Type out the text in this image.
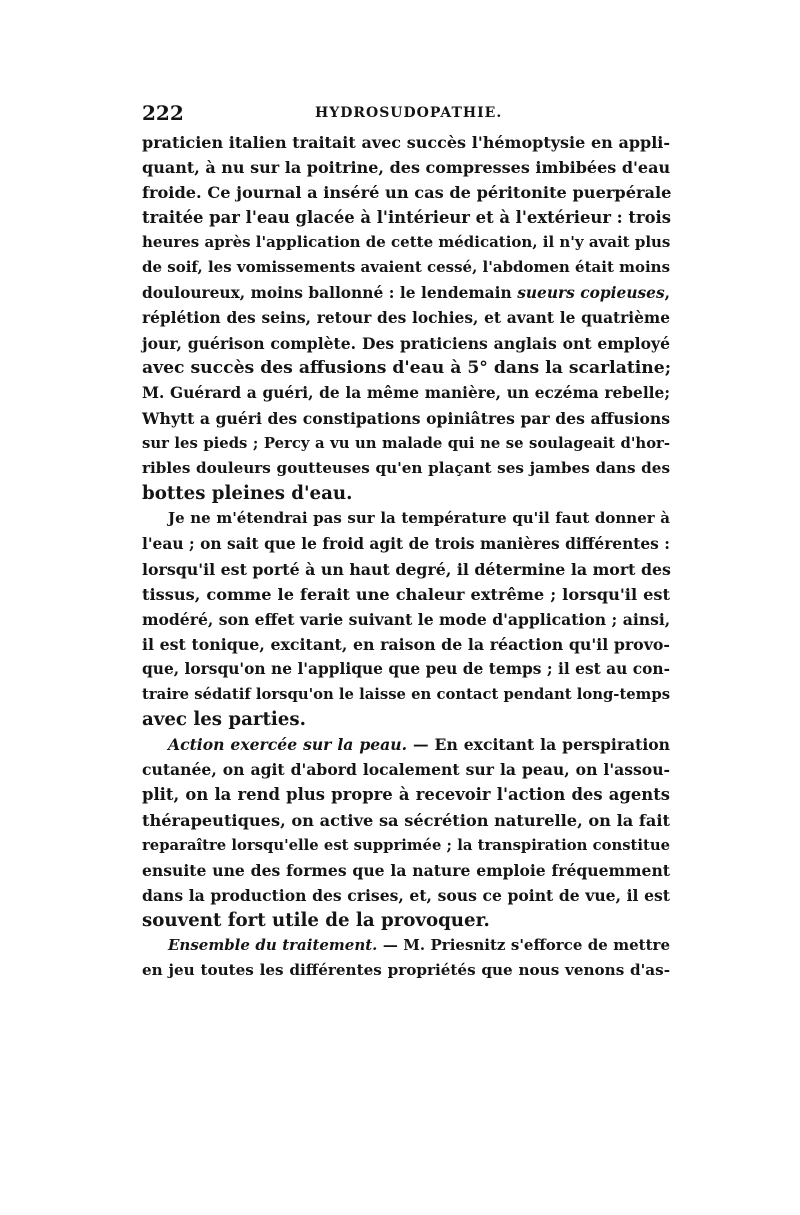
222	HYDROSUDOPATHIE.
praticien italien traitait avec succès l'hémoptysie en appli-
quant, à nu sur la poitrine, des compresses imbibées d'eau
froide. Ce journal a inséré un cas de péritonite puerpérale
traitée par l'eau glacée à l'intérieur et à l'extérieur : trois
heures après l'application de cette médication, il n'y avait plus
de soif, les vomissements avaient cessé, l'abdomen était moins
douloureux, moins ballonné : le lendemain sueurs copieuses,
réplétion des seins, retour des lochies, et avant le quatrième
jour, guérison complète. Des praticiens anglais ont employé
avec succès des affusions d'eau à 5° dans la scarlatine;
M. Guérard a guéri, de la même manière, un eczéma rebelle;
Whytt a guéri des constipations opiniâtres par des affusions
sur les pieds ; Percy a vu un malade qui ne se soulageait d'hor-
ribles douleurs goutteuses qu'en plaçant ses jambes dans des
bottes pleines d'eau.
Je ne m'étendrai pas sur la température qu'il faut donner à
l'eau ; on sait que le froid agit de trois manières différentes :
lorsqu'il est porté à un haut degré, il détermine la mort des
tissus, comme le ferait une chaleur extrême ; lorsqu'il est
modéré, son effet varie suivant le mode d'application ; ainsi,
il est tonique, excitant, en raison de la réaction qu'il provo-
que, lorsqu'on ne l'applique que peu de temps ; il est au con-
traire sédatif lorsqu'on le laisse en contact pendant long-temps
avec les parties.
Action exercée sur la peau. — En excitant la perspiration
cutanée, on agit d'abord localement sur la peau, on l'assou-
plit, on la rend plus propre à recevoir l'action des agents
thérapeutiques, on active sa sécrétion naturelle, on la fait
reparaître lorsqu'elle est supprimée ; la transpiration constitue
ensuite une des formes que la nature emploie fréquemment
dans la production des crises, et, sous ce point de vue, il est
souvent fort utile de la provoquer.
Ensemble du traitement. — M. Priesnitz s'efforce de mettre
en jeu toutes les différentes propriétés que nous venons d'as-
